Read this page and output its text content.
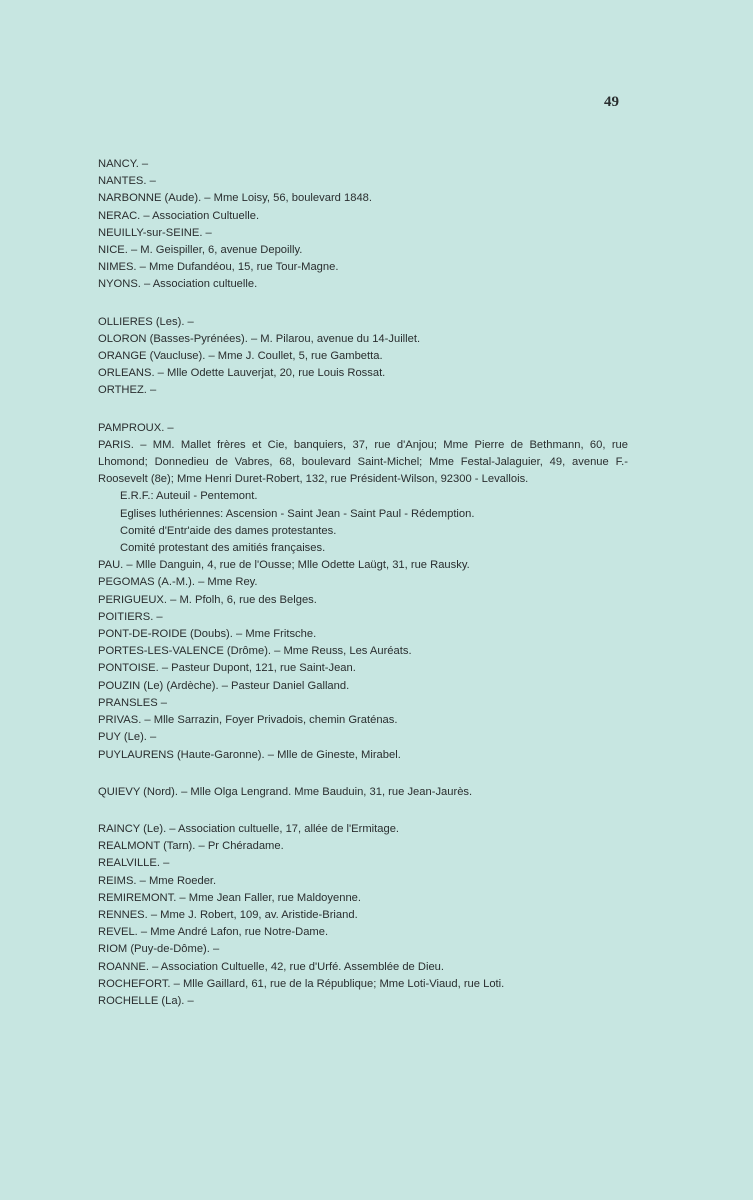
49
NANCY. –
NANTES. –
NARBONNE (Aude). – Mme Loisy, 56, boulevard 1848.
NERAC. – Association Cultuelle.
NEUILLY-sur-SEINE. –
NICE. – M. Geispiller, 6, avenue Depoilly.
NIMES. – Mme Dufandéou, 15, rue Tour-Magne.
NYONS. – Association cultuelle.
OLLIERES (Les). –
OLORON (Basses-Pyrénées). – M. Pilarou, avenue du 14-Juillet.
ORANGE (Vaucluse). – Mme J. Coullet, 5, rue Gambetta.
ORLEANS. – Mlle Odette Lauverjat, 20, rue Louis Rossat.
ORTHEZ. –
PAMPROUX. –
PARIS. – MM. Mallet frères et Cie, banquiers, 37, rue d'Anjou; Mme Pierre de Bethmann, 60, rue Lhomond; Donnedieu de Vabres, 68, boulevard Saint-Michel; Mme Festal-Jalaguier, 49, avenue F.-Roosevelt (8e); Mme Henri Duret-Robert, 132, rue Président-Wilson, 92300 - Levallois.
E.R.F.: Auteuil - Pentemont.
Eglises luthériennes: Ascension - Saint Jean - Saint Paul - Rédemption.
Comité d'Entr'aide des dames protestantes.
Comité protestant des amitiés françaises.
PAU. – Mlle Danguin, 4, rue de l'Ousse; Mlle Odette Laügt, 31, rue Rausky.
PEGOMAS (A.-M.). – Mme Rey.
PERIGUEUX. – M. Pfolh, 6, rue des Belges.
POITIERS. –
PONT-DE-ROIDE (Doubs). – Mme Fritsche.
PORTES-LES-VALENCE (Drôme). – Mme Reuss, Les Auréats.
PONTOISE. – Pasteur Dupont, 121, rue Saint-Jean.
POUZIN (Le) (Ardèche). – Pasteur Daniel Galland.
PRANSLES –
PRIVAS. – Mlle Sarrazin, Foyer Privadois, chemin Graténas.
PUY (Le). –
PUYLAURENS (Haute-Garonne). – Mlle de Gineste, Mirabel.
QUIEVY (Nord). – Mlle Olga Lengrand. Mme Bauduin, 31, rue Jean-Jaurès.
RAINCY (Le). – Association cultuelle, 17, allée de l'Ermitage.
REALMONT (Tarn). – Pr Chéradame.
REALVILLE. –
REIMS. – Mme Roeder.
REMIREMONT. – Mme Jean Faller, rue Maldoyenne.
RENNES. – Mme J. Robert, 109, av. Aristide-Briand.
REVEL. – Mme André Lafon, rue Notre-Dame.
RIOM (Puy-de-Dôme). –
ROANNE. – Association Cultuelle, 42, rue d'Urfé. Assemblée de Dieu.
ROCHEFORT. – Mlle Gaillard, 61, rue de la République; Mme Loti-Viaud, rue Loti.
ROCHELLE (La). –
